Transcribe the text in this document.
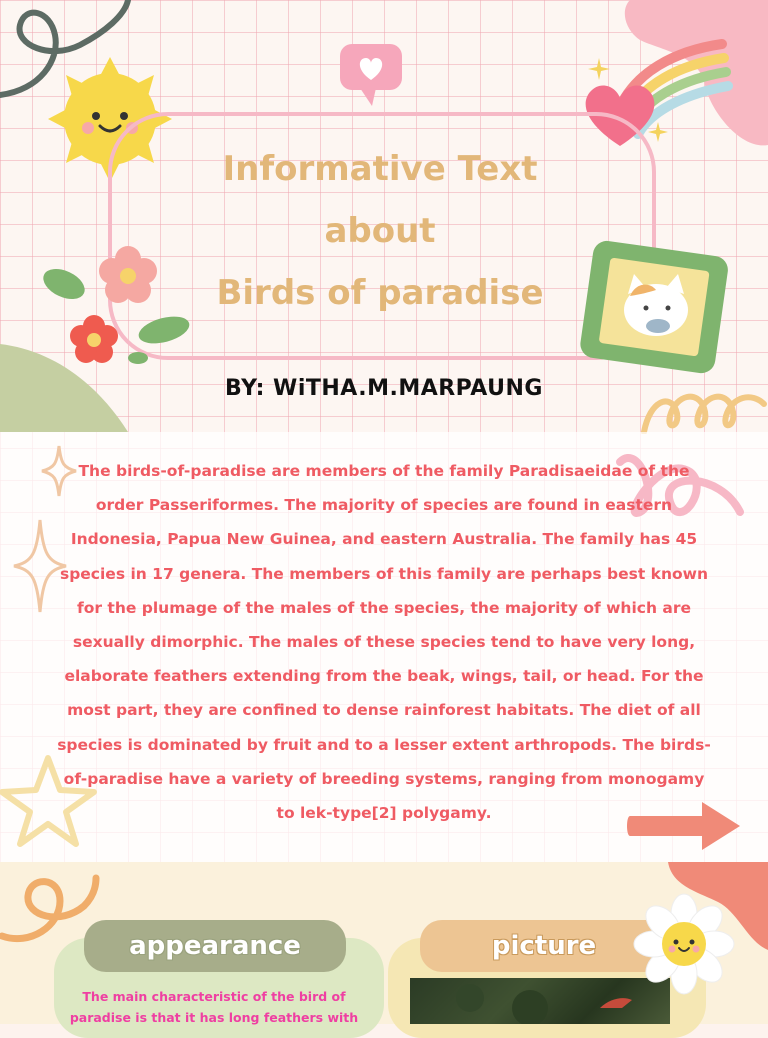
Informative Text
about
Birds of paradise
BY: WiTHA.M.MARPAUNG
The birds-of-paradise are members of the family Paradisaeidae of the order Passeriformes. The majority of species are found in eastern Indonesia, Papua New Guinea, and eastern Australia. The family has 45 species in 17 genera. The members of this family are perhaps best known for the plumage of the males of the species, the majority of which are sexually dimorphic. The males of these species tend to have very long, elaborate feathers extending from the beak, wings, tail, or head. For the most part, they are confined to dense rainforest habitats. The diet of all species is dominated by fruit and to a lesser extent arthropods. The birds-of-paradise have a variety of breeding systems, ranging from monogamy to lek-type[2] polygamy.
appearance
The main characteristic of the bird of paradise is that it has long feathers with
picture
